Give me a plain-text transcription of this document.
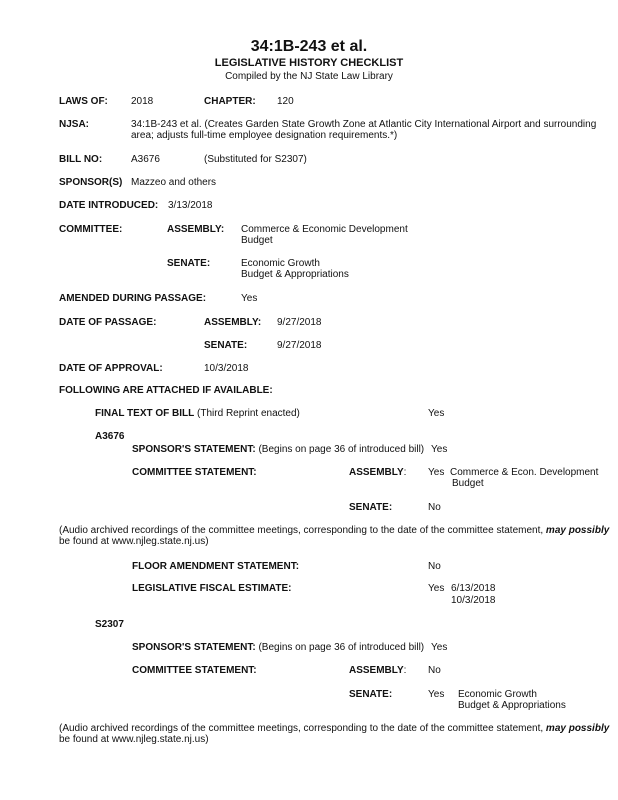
34:1B-243 et al.
LEGISLATIVE HISTORY CHECKLIST
Compiled by the NJ State Law Library
LAWS OF: 2018	CHAPTER: 120
NJSA:	34:1B-243 et al. (Creates Garden State Growth Zone at Atlantic City International Airport and surrounding
area; adjusts full-time employee designation requirements.*)
BILL NO:	A3676	(Substituted for S2307)
SPONSOR(S) Mazzeo and others
DATE INTRODUCED: 3/13/2018
COMMITTEE:	ASSEMBLY: Commerce & Economic Development
Budget
SENATE:	Economic Growth
Budget & Appropriations
AMENDED DURING PASSAGE:	Yes
DATE OF PASSAGE:	ASSEMBLY: 9/27/2018
SENATE:	9/27/2018
DATE OF APPROVAL:	10/3/2018
FOLLOWING ARE ATTACHED IF AVAILABLE:
FINAL TEXT OF BILL (Third Reprint enacted)	Yes
A3676
SPONSOR'S STATEMENT: (Begins on page 36 of introduced bill) Yes
COMMITTEE STATEMENT:	ASSEMBLY: Yes Commerce & Econ. Development
Budget
SENATE:	No
(Audio archived recordings of the committee meetings, corresponding to the date of the committee statement, may possibly
be found at www.njleg.state.nj.us)
FLOOR AMENDMENT STATEMENT:	No
LEGISLATIVE FISCAL ESTIMATE:	Yes 6/13/2018
10/3/2018
S2307
SPONSOR'S STATEMENT: (Begins on page 36 of introduced bill) Yes
COMMITTEE STATEMENT:	ASSEMBLY: No
SENATE:	Yes Economic Growth
Budget & Appropriations
(Audio archived recordings of the committee meetings, corresponding to the date of the committee statement, may possibly
be found at www.njleg.state.nj.us)
